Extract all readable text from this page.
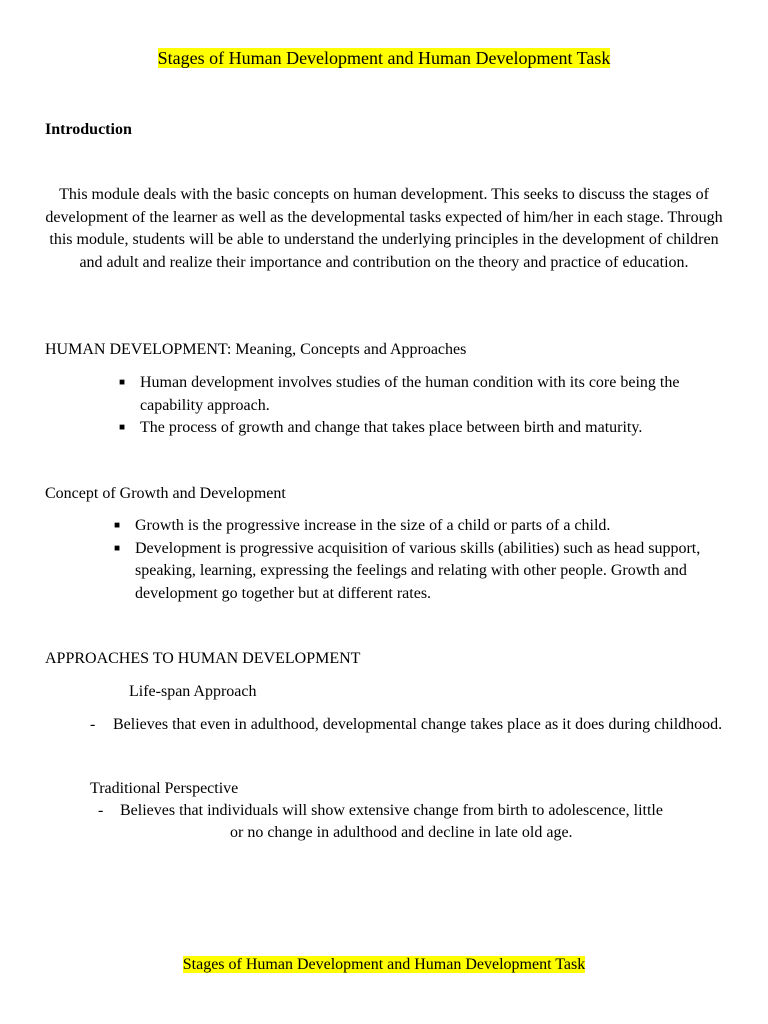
Stages of Human Development and Human Development Task
Introduction
This module deals with the basic concepts on human development. This seeks to discuss the stages of development of the learner as well as the developmental tasks expected of him/her in each stage. Through this module, students will be able to understand the underlying principles in the development of children and adult and realize their importance and contribution on the theory and practice of education.
HUMAN DEVELOPMENT: Meaning, Concepts and Approaches
■ Human development involves studies of the human condition with its core being the capability approach.
■ The process of growth and change that takes place between birth and maturity.
Concept of Growth and Development
■ Growth is the progressive increase in the size of a child or parts of a child.
■ Development is progressive acquisition of various skills (abilities) such as head support, speaking, learning, expressing the feelings and relating with other people. Growth and development go together but at different rates.
APPROACHES TO HUMAN DEVELOPMENT
Life-span Approach
- Believes that even in adulthood, developmental change takes place as it does during childhood.
Traditional Perspective
- Believes that individuals will show extensive change from birth to adolescence, little
or no change in adulthood and decline in late old age.
Stages of Human Development and Human Development Task
